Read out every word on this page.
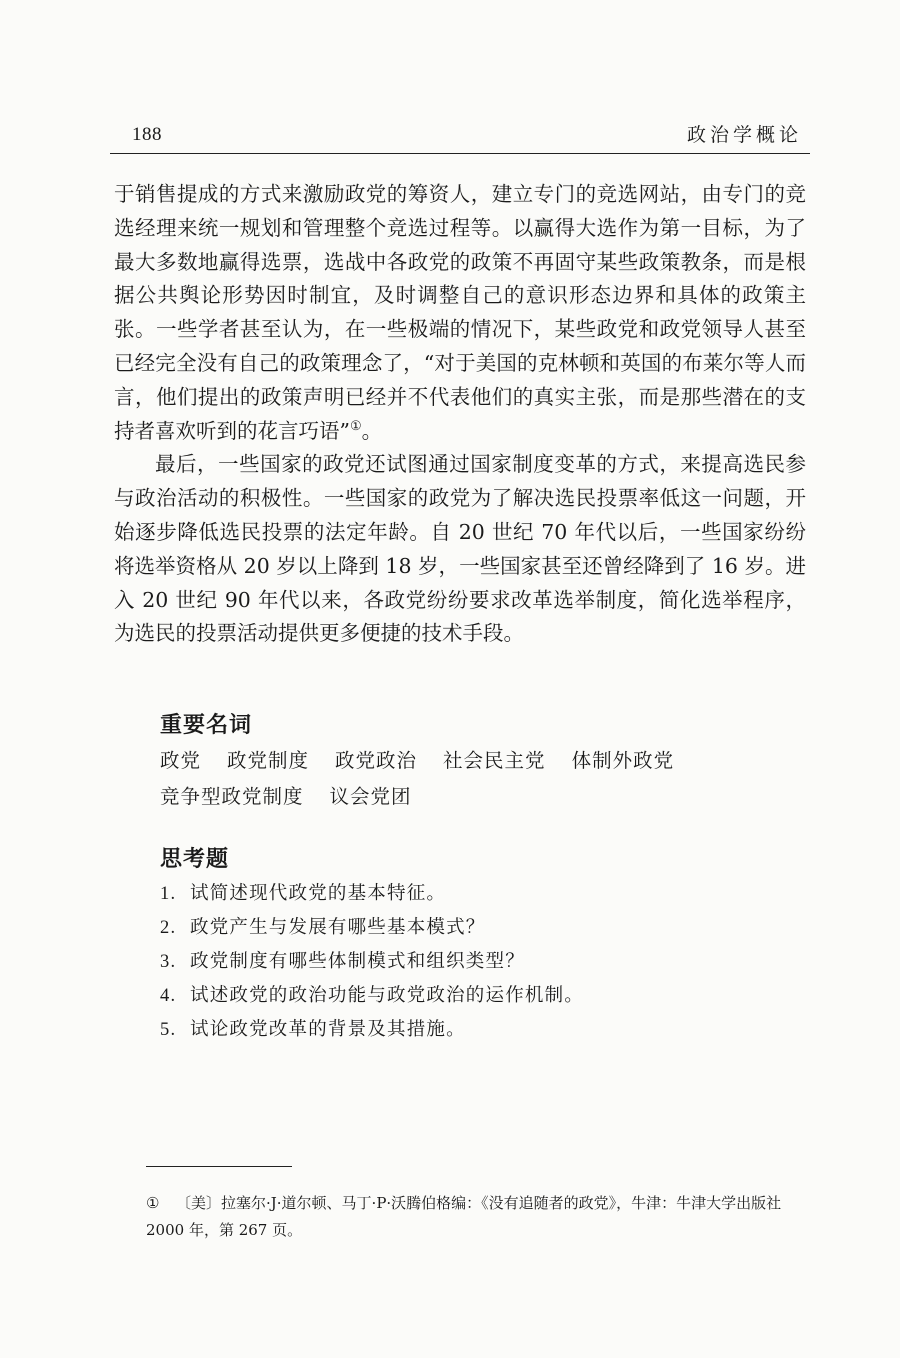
188	政治学概论

于销售提成的方式来激励政党的筹资人，建立专门的竞选网站，由专门的竞选经理来统一规划和管理整个竞选过程等。以赢得大选作为第一目标，为了最大多数地赢得选票，选战中各政党的政策不再固守某些政策教条，而是根据公共舆论形势因时制宜，及时调整自己的意识形态边界和具体的政策主张。一些学者甚至认为，在一些极端的情况下，某些政党和政党领导人甚至已经完全没有自己的政策理念了，“对于美国的克林顿和英国的布莱尔等人而言，他们提出的政策声明已经并不代表他们的真实主张，而是那些潜在的支持者喜欢听到的花言巧语”①。

最后，一些国家的政党还试图通过国家制度变革的方式，来提高选民参与政治活动的积极性。一些国家的政党为了解决选民投票率低这一问题，开始逐步降低选民投票的法定年龄。自 20 世纪 70 年代以后，一些国家纷纷将选举资格从 20 岁以上降到 18 岁，一些国家甚至还曾经降到了 16 岁。进入 20 世纪 90 年代以来，各政党纷纷要求改革选举制度，简化选举程序，为选民的投票活动提供更多便捷的技术手段。

重要名词
政党 政党制度 政党政治 社会民主党 体制外政党
竞争型政党制度 议会党团
思考题
1. 试简述现代政党的基本特征。
2. 政党产生与发展有哪些基本模式？
3. 政党制度有哪些体制模式和组织类型？
4. 试述政党的政治功能与政党政治的运作机制。
5. 试论政党改革的背景及其措施。
① 〔美〕拉塞尔·J·道尔顿、马丁·P·沃腾伯格编：《没有追随者的政党》，牛津：牛津大学出版社 2000 年，第 267 页。
